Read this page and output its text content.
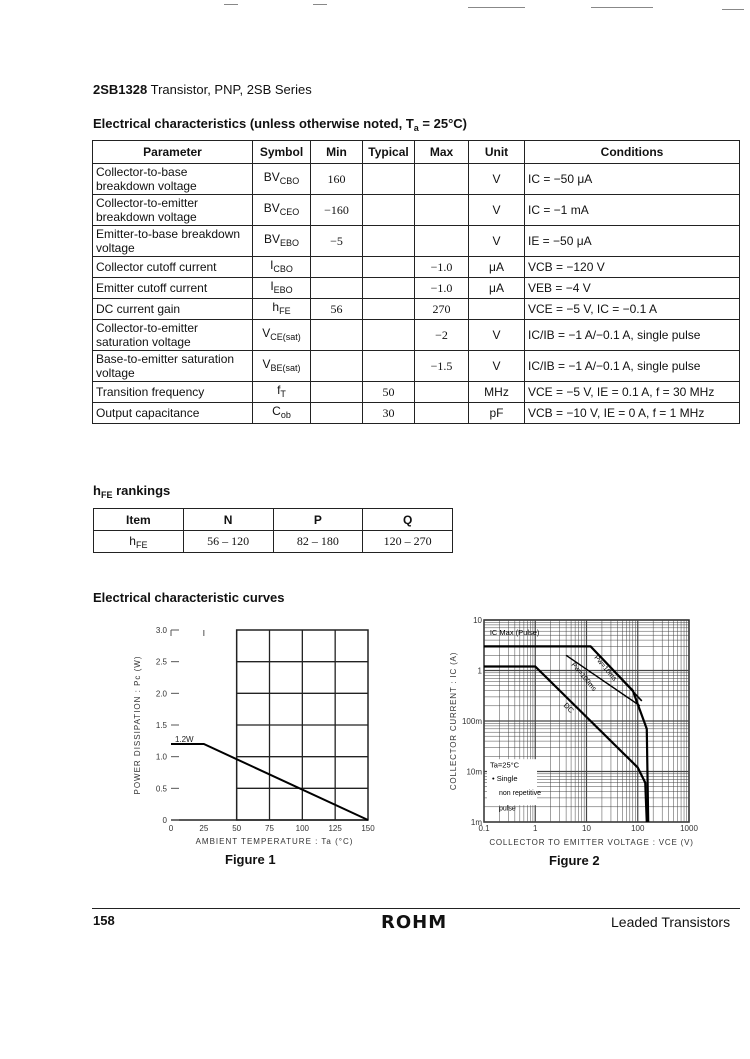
2SB1328 Transistor, PNP, 2SB Series
Electrical characteristics (unless otherwise noted, $T_a = 25^\circ C$)
Parameter	Symbol	Min	Typical	Max	Unit	Conditions
Collector-to-base breakdown voltage	$BV_{CBO}$	160			V	IC = −50 μA
Collector-to-emitter breakdown voltage	$BV_{CEO}$	−160			V	IC = −1 mA
Emitter-to-base breakdown voltage	$BV_{EBO}$	−5			V	IE = −50 μA
Collector cutoff current	$I_{CBO}$			−1.0	μA	VCB = −120 V
Emitter cutoff current	$I_{EBO}$			−1.0	μA	VEB = −4 V
DC current gain	$h_{FE}$	56		270		VCE = −5 V, IC = −0.1 A
Collector-to-emitter saturation voltage	$V_{CE(sat)}$			−2	V	IC/IB = −1 A/−0.1 A, single pulse
Base-to-emitter saturation voltage	$V_{BE(sat)}$			−1.5	V	IC/IB = −1 A/−0.1 A, single pulse
Transition frequency	$f_T$		50		MHz	VCE = −5 V, IE = 0.1 A, f = 30 MHz
Output capacitance	$C_{ob}$		30		pF	VCB = −10 V, IE = 0 A, f = 1 MHz
$h_{FE}$ rankings
Item	N	P	Q
$h_{FE}$	56 – 120	82 – 180	120 – 270
Electrical characteristic curves
0
0.5
1.0
1.5
2.0
2.5
3.0
0	25	50	75	100 125 150
1.2W
AMBIENT TEMPERATURE : Ta (°C)
POWER DISSIPATION : Pc (W)
Figure 1
0.1	1	10	100	1000
1m
10m
100m
1
10
IC Max (Pulse)
Pw=10ms
Pw=100ms
DC
Ta=25°C
• Single
non repetitive
pulse
COLLECTOR TO EMITTER VOLTAGE : VCE (V)
COLLECTOR CURRENT : IC (A)
Figure 2
158	ROHM	Leaded Transistors
